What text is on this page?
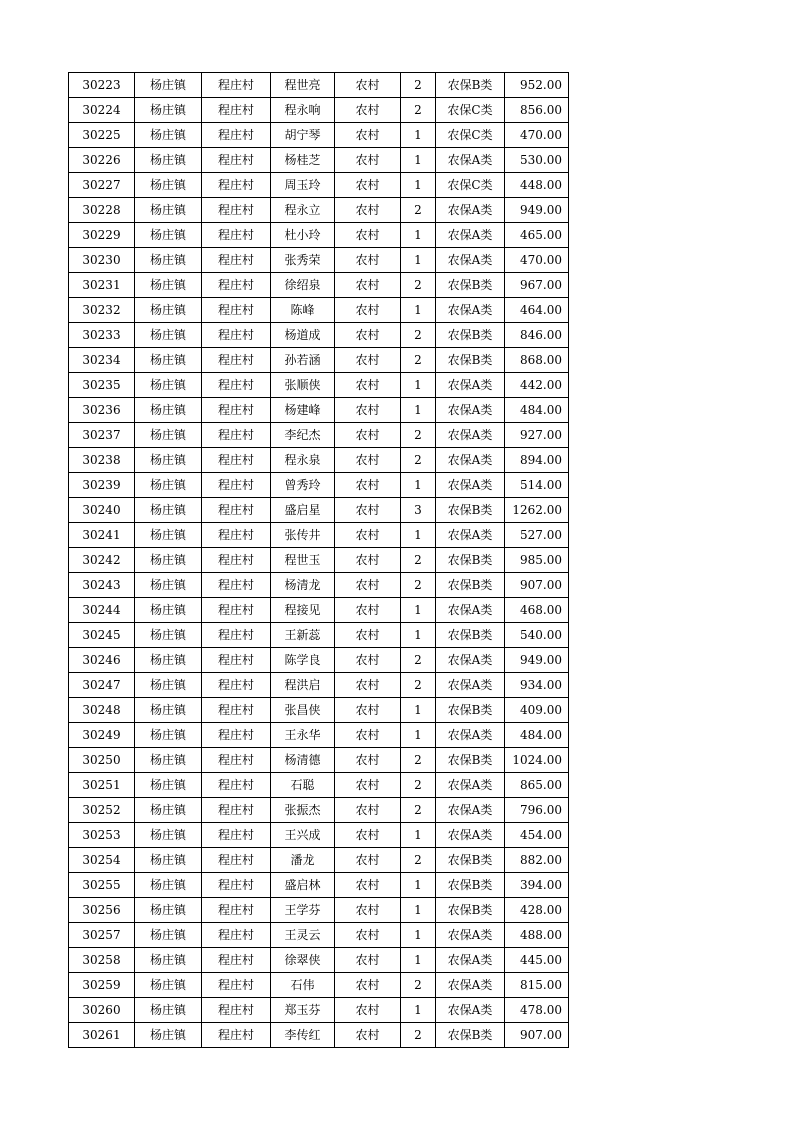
30223	杨庄镇	程庄村	程世亮	农村	2	农保B类	952.00
30224	杨庄镇	程庄村	程永响	农村	2	农保C类	856.00
30225	杨庄镇	程庄村	胡宁琴	农村	1	农保C类	470.00
30226	杨庄镇	程庄村	杨桂芝	农村	1	农保A类	530.00
30227	杨庄镇	程庄村	周玉玲	农村	1	农保C类	448.00
30228	杨庄镇	程庄村	程永立	农村	2	农保A类	949.00
30229	杨庄镇	程庄村	杜小玲	农村	1	农保A类	465.00
30230	杨庄镇	程庄村	张秀荣	农村	1	农保A类	470.00
30231	杨庄镇	程庄村	徐绍泉	农村	2	农保B类	967.00
30232	杨庄镇	程庄村	陈峰	农村	1	农保A类	464.00
30233	杨庄镇	程庄村	杨道成	农村	2	农保B类	846.00
30234	杨庄镇	程庄村	孙若涵	农村	2	农保B类	868.00
30235	杨庄镇	程庄村	张顺侠	农村	1	农保A类	442.00
30236	杨庄镇	程庄村	杨建峰	农村	1	农保A类	484.00
30237	杨庄镇	程庄村	李纪杰	农村	2	农保A类	927.00
30238	杨庄镇	程庄村	程永泉	农村	2	农保A类	894.00
30239	杨庄镇	程庄村	曾秀玲	农村	1	农保A类	514.00
30240	杨庄镇	程庄村	盛启星	农村	3	农保B类	1262.00
30241	杨庄镇	程庄村	张传井	农村	1	农保A类	527.00
30242	杨庄镇	程庄村	程世玉	农村	2	农保B类	985.00
30243	杨庄镇	程庄村	杨清龙	农村	2	农保B类	907.00
30244	杨庄镇	程庄村	程接见	农村	1	农保A类	468.00
30245	杨庄镇	程庄村	王新蕊	农村	1	农保B类	540.00
30246	杨庄镇	程庄村	陈学良	农村	2	农保A类	949.00
30247	杨庄镇	程庄村	程洪启	农村	2	农保A类	934.00
30248	杨庄镇	程庄村	张昌侠	农村	1	农保B类	409.00
30249	杨庄镇	程庄村	王永华	农村	1	农保A类	484.00
30250	杨庄镇	程庄村	杨清德	农村	2	农保B类	1024.00
30251	杨庄镇	程庄村	石聪	农村	2	农保A类	865.00
30252	杨庄镇	程庄村	张振杰	农村	2	农保A类	796.00
30253	杨庄镇	程庄村	王兴成	农村	1	农保A类	454.00
30254	杨庄镇	程庄村	潘龙	农村	2	农保B类	882.00
30255	杨庄镇	程庄村	盛启林	农村	1	农保B类	394.00
30256	杨庄镇	程庄村	王学芬	农村	1	农保B类	428.00
30257	杨庄镇	程庄村	王灵云	农村	1	农保A类	488.00
30258	杨庄镇	程庄村	徐翠侠	农村	1	农保A类	445.00
30259	杨庄镇	程庄村	石伟	农村	2	农保A类	815.00
30260	杨庄镇	程庄村	郑玉芬	农村	1	农保A类	478.00
30261	杨庄镇	程庄村	李传红	农村	2	农保B类	907.00
